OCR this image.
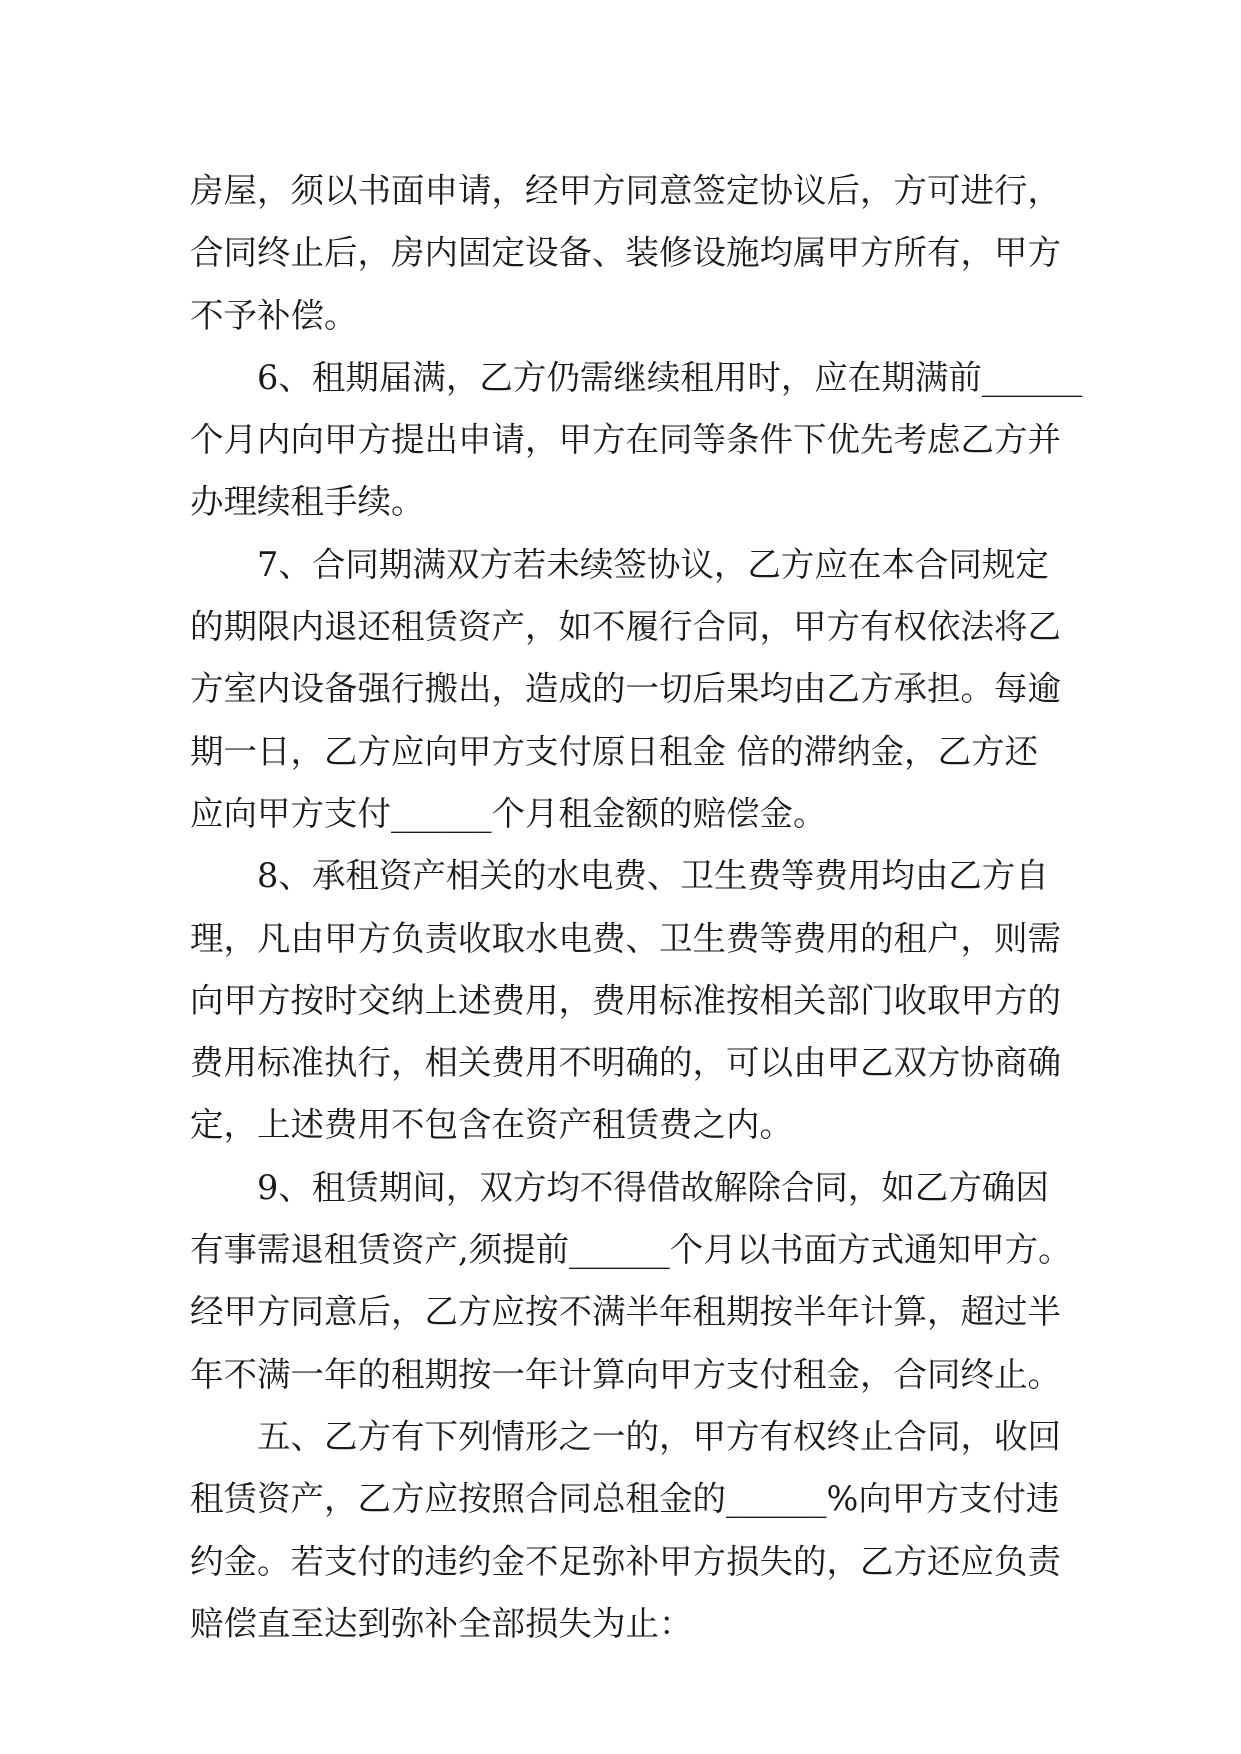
房屋，须以书面申请，经甲方同意签定协议后，方可进行，
合同终止后，房内固定设备、装修设施均属甲方所有，甲方
不予补偿。
6、租期届满，乙方仍需继续租用时，应在期满前______
个月内向甲方提出申请，甲方在同等条件下优先考虑乙方并
办理续租手续。
7、合同期满双方若未续签协议，乙方应在本合同规定
的期限内退还租赁资产，如不履行合同，甲方有权依法将乙
方室内设备强行搬出，造成的一切后果均由乙方承担。每逾
期一日，乙方应向甲方支付原日租金 倍的滞纳金，乙方还
应向甲方支付______个月租金额的赔偿金。
8、承租资产相关的水电费、卫生费等费用均由乙方自
理，凡由甲方负责收取水电费、卫生费等费用的租户，则需
向甲方按时交纳上述费用，费用标准按相关部门收取甲方的
费用标准执行，相关费用不明确的，可以由甲乙双方协商确
定，上述费用不包含在资产租赁费之内。
9、租赁期间，双方均不得借故解除合同，如乙方确因
有事需退租赁资产,须提前______个月以书面方式通知甲方。
经甲方同意后，乙方应按不满半年租期按半年计算，超过半
年不满一年的租期按一年计算向甲方支付租金，合同终止。
五、乙方有下列情形之一的，甲方有权终止合同，收回
租赁资产，乙方应按照合同总租金的______%向甲方支付违
约金。若支付的违约金不足弥补甲方损失的，乙方还应负责
赔偿直至达到弥补全部损失为止：
